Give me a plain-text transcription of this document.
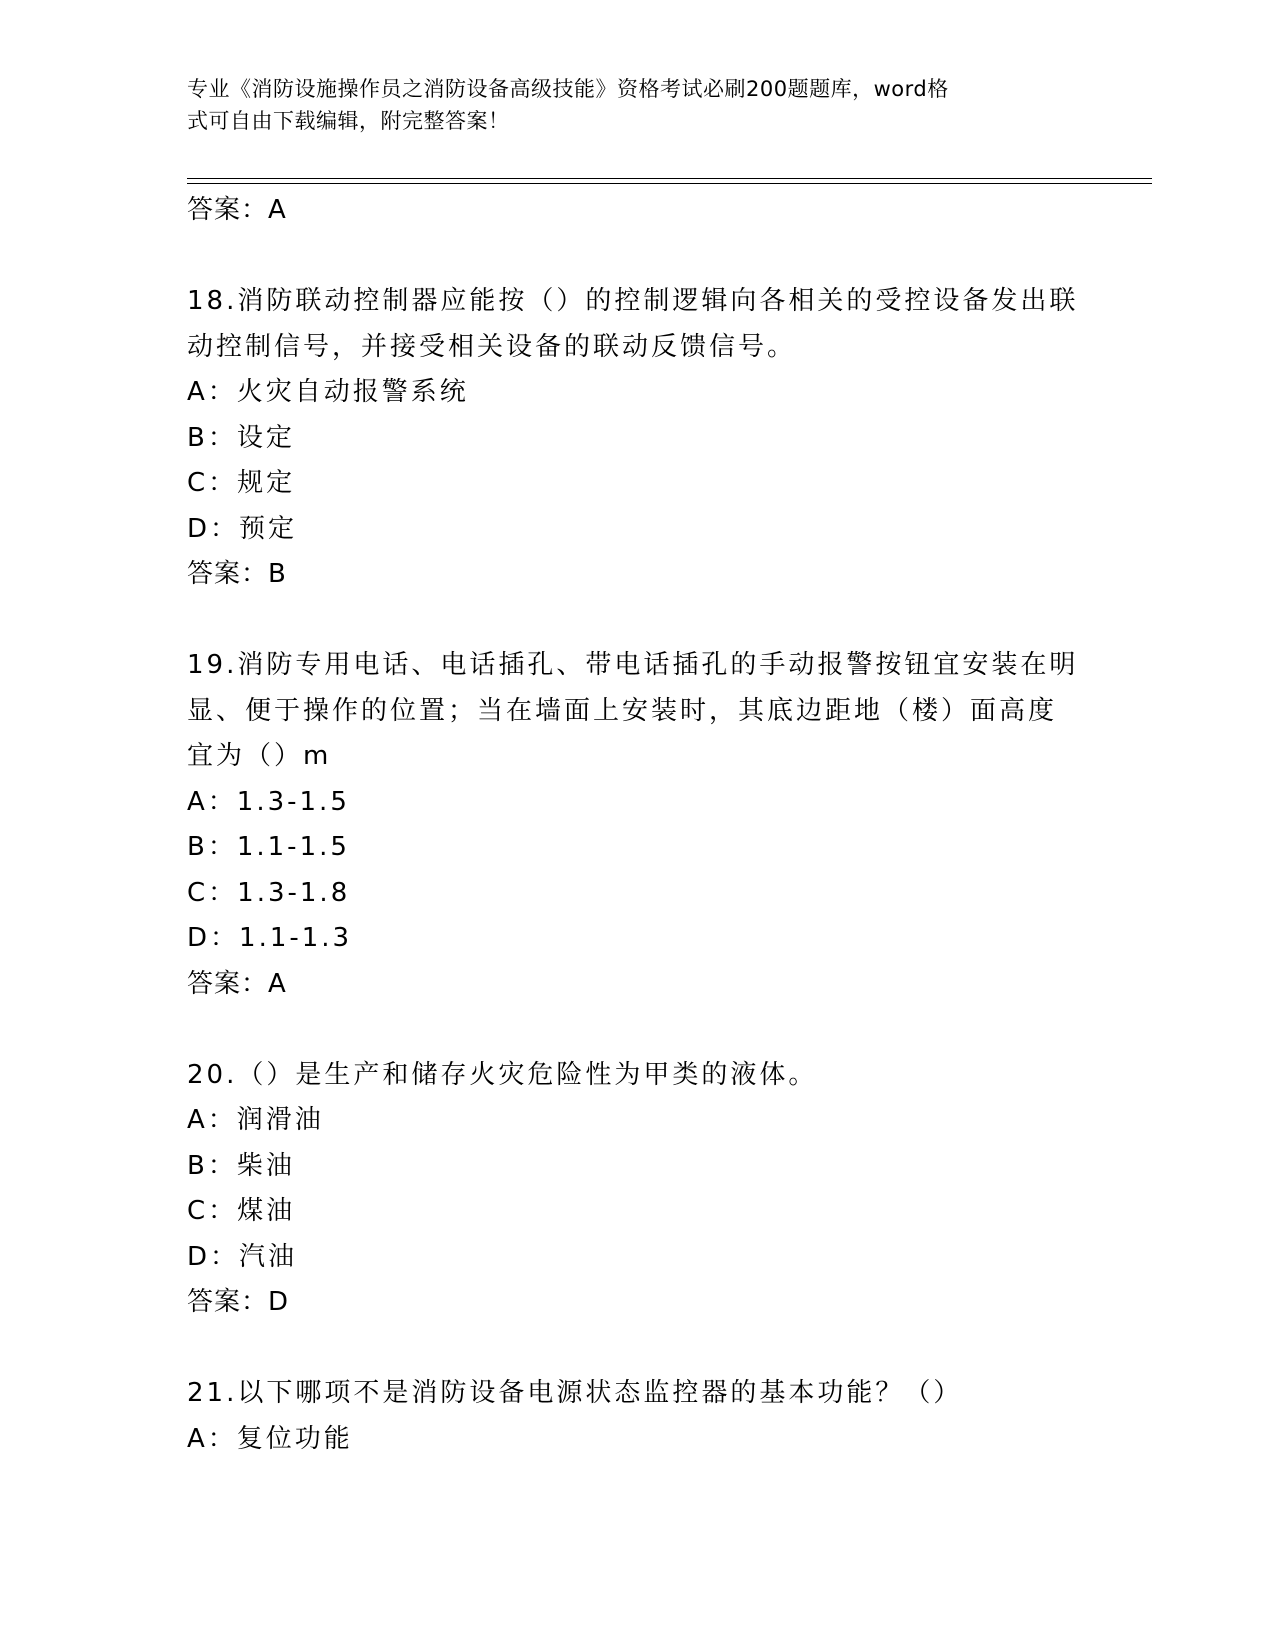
专业《消防设施操作员之消防设备高级技能》资格考试必刷200题题库，word格
式可自由下载编辑，附完整答案！
答案：A
18.消防联动控制器应能按（）的控制逻辑向各相关的受控设备发出联
动控制信号，并接受相关设备的联动反馈信号。
A：火灾自动报警系统
B：设定
C：规定
D：预定
答案：B
19.消防专用电话、电话插孔、带电话插孔的手动报警按钮宜安装在明
显、便于操作的位置；当在墙面上安装时，其底边距地（楼）面高度
宜为（）m
A：1.3-1.5
B：1.1-1.5
C：1.3-1.8
D：1.1-1.3
答案：A
20.（）是生产和储存火灾危险性为甲类的液体。
A：润滑油
B：柴油
C：煤油
D：汽油
答案：D
21.以下哪项不是消防设备电源状态监控器的基本功能？（）
A：复位功能
